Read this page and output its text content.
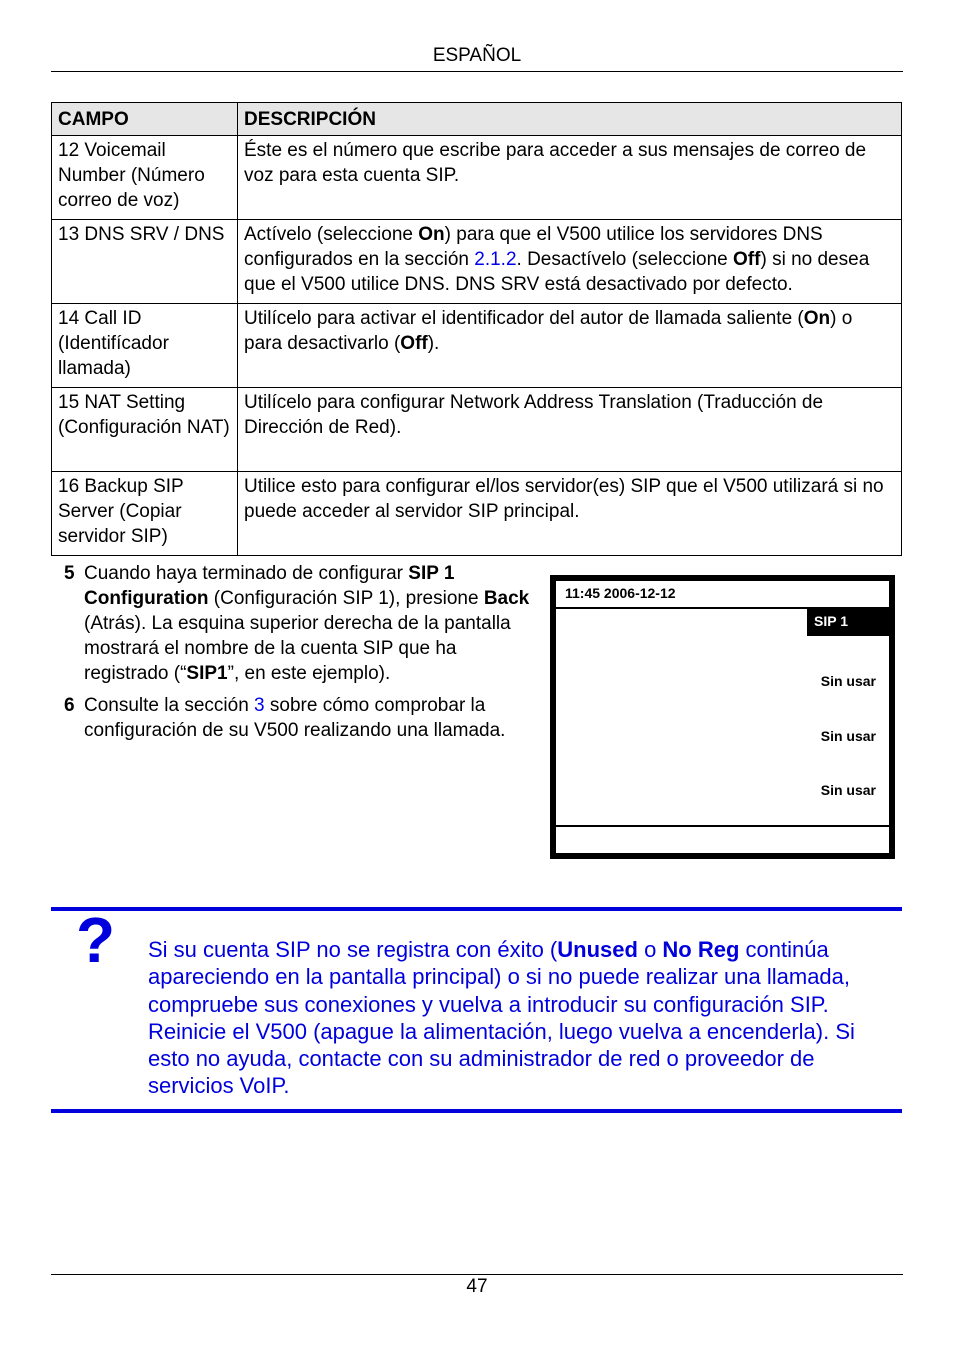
ESPAÑOL
CAMPO	DESCRIPCIÓN
12 Voicemail Number (Número correo de voz)	Éste es el número que escribe para acceder a sus mensajes de correo de voz para esta cuenta SIP.
13 DNS SRV / DNS	Actívelo (seleccione On) para que el V500 utilice los servidores DNS configurados en la sección 2.1.2. Desactívelo (seleccione Off) si no desea que el V500 utilice DNS. DNS SRV está desactivado por defecto.
14 Call ID (Identifícador llamada)	Utilícelo para activar el identificador del autor de llamada saliente (On) o para desactivarlo (Off).
15 NAT Setting (Configuración NAT)	Utilícelo para configurar Network Address Translation (Traducción de Dirección de Red).
16 Backup SIP Server (Copiar servidor SIP)	Utilice esto para configurar el/los servidor(es) SIP que el V500 utilizará si no puede acceder al servidor SIP principal.
5 Cuando haya terminado de configurar SIP 1 Configuration (Configuración SIP 1), presione Back (Atrás). La esquina superior derecha de la pantalla mostrará el nombre de la cuenta SIP que ha registrado (“SIP1”, en este ejemplo).
6 Consulte la sección 3 sobre cómo comprobar la configuración de su V500 realizando una llamada.
11:45 2006-12-12
SIP 1
Sin usar
Sin usar
Sin usar
? Si su cuenta SIP no se registra con éxito (Unused o No Reg continúa apareciendo en la pantalla principal) o si no puede realizar una llamada, compruebe sus conexiones y vuelva a introducir su configuración SIP. Reinicie el V500 (apague la alimentación, luego vuelva a encenderla). Si esto no ayuda, contacte con su administrador de red o proveedor de servicios VoIP.
47
